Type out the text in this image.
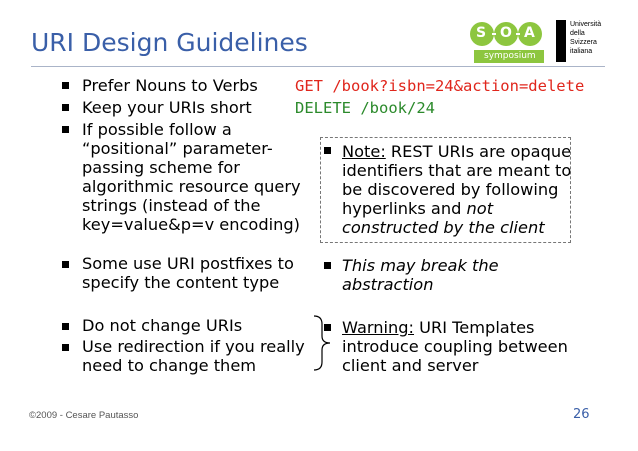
URI Design Guidelines	S O A
symposium
Università
della
Svizzera
italiana
Prefer Nouns to Verbs
Keep your URIs short
If possible follow a
“positional” parameter-
passing scheme for
algorithmic resource query
strings (instead of the
key=value&p=v encoding)
Some use URI postfixes to
specify the content type
Do not change URIs
Use redirection if you really
need to change them
GET /book?isbn=24&action=delete
DELETE /book/24
Note: REST URIs are opaque
identifiers that are meant to
be discovered by following
hyperlinks and not
constructed by the client
This may break the
abstraction
Warning: URI Templates
introduce coupling between
client and server
©2009 - Cesare Pautasso	26
